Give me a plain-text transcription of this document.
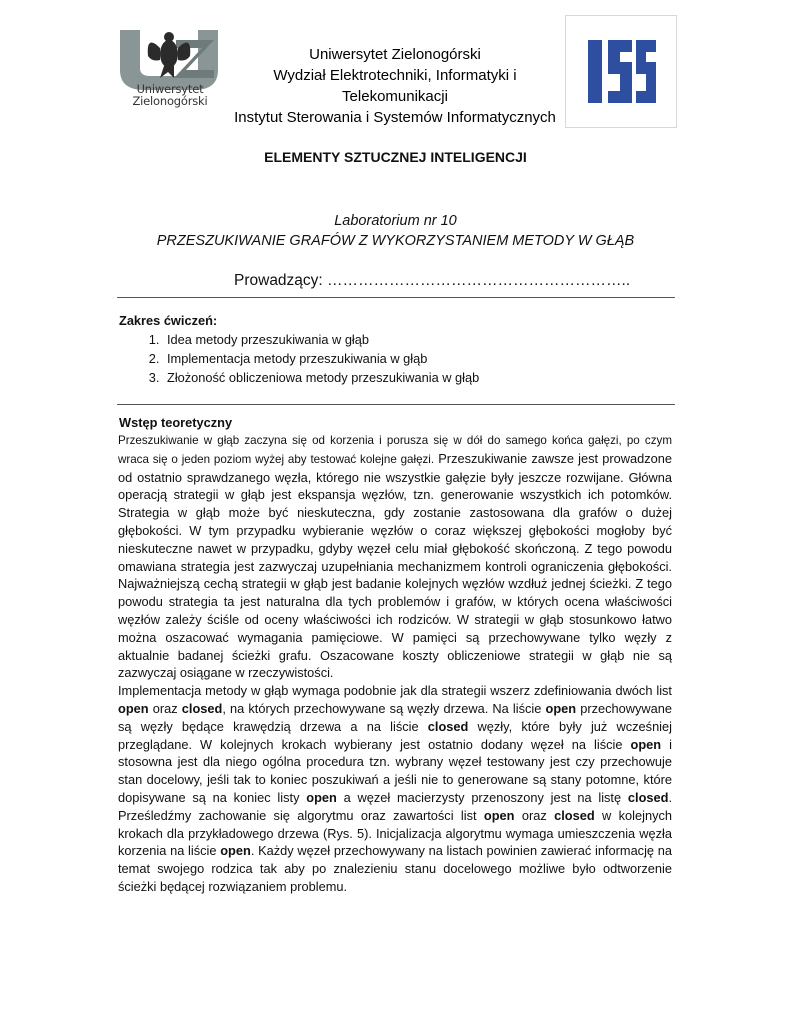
Uniwersytet
Zielonogórski
Uniwersytet Zielonogórski
Wydział Elektrotechniki, Informatyki i
Telekomunikacji
Instytut Sterowania i Systemów Informatycznych
ELEMENTY SZTUCZNEJ INTELIGENCJI
Laboratorium nr 10
PRZESZUKIWANIE GRAFÓW Z WYKORZYSTANIEM METODY W GŁĄB
Prowadzący: …………………………………………………..
Zakres ćwiczeń:
1. Idea metody przeszukiwania w głąb
2. Implementacja metody przeszukiwania w głąb
3. Złożoność obliczeniowa metody przeszukiwania w głąb
Wstęp teoretyczny

Przeszukiwanie w głąb zaczyna się od korzenia i porusza się w dół do samego końca gałęzi, po czym wraca się o jeden poziom wyżej aby testować kolejne gałęzi. Przeszukiwanie zawsze jest prowadzone od ostatnio sprawdzanego węzła, którego nie wszystkie gałęzie były jeszcze rozwijane. Główna operacją strategii w głąb jest ekspansja węzłów, tzn. generowanie wszystkich ich potomków. Strategia w głąb może być nieskuteczna, gdy zostanie zastosowana dla grafów o dużej głębokości. W tym przypadku wybieranie węzłów o coraz większej głębokości mogłoby być nieskuteczne nawet w przypadku, gdyby węzeł celu miał głębokość skończoną. Z tego powodu omawiana strategia jest zazwyczaj uzupełniania mechanizmem kontroli ograniczenia głębokości. Najważniejszą cechą strategii w głąb jest badanie kolejnych węzłów wzdłuż jednej ścieżki. Z tego powodu strategia ta jest naturalna dla tych problemów i grafów, w których ocena właściwości węzłów zależy ściśle od oceny właściwości ich rodziców. W strategii w głąb stosunkowo łatwo można oszacować wymagania pamięciowe. W pamięci są przechowywane tylko węzły z aktualnie badanej ścieżki grafu. Oszacowane koszty obliczeniowe strategii w głąb nie są zazwyczaj osiągane w rzeczywistości.

Implementacja metody w głąb wymaga podobnie jak dla strategii wszerz zdefiniowania dwóch list open oraz closed, na których przechowywane są węzły drzewa. Na liście open przechowywane są węzły będące krawędzią drzewa a na liście closed węzły, które były już wcześniej przeglądane. W kolejnych krokach wybierany jest ostatnio dodany węzeł na liście open i stosowna jest dla niego ogólna procedura tzn. wybrany węzeł testowany jest czy przechowuje stan docelowy, jeśli tak to koniec poszukiwań a jeśli nie to generowane są stany potomne, które dopisywane są na koniec listy open a węzeł macierzysty przenoszony jest na listę closed. Prześledźmy zachowanie się algorytmu oraz zawartości list open oraz closed w kolejnych krokach dla przykładowego drzewa (Rys. 5). Inicjalizacja algorytmu wymaga umieszczenia węzła korzenia na liście open. Każdy węzeł przechowywany na listach powinien zawierać informację na temat swojego rodzica tak aby po znalezieniu stanu docelowego możliwe było odtworzenie ścieżki będącej rozwiązaniem problemu.
